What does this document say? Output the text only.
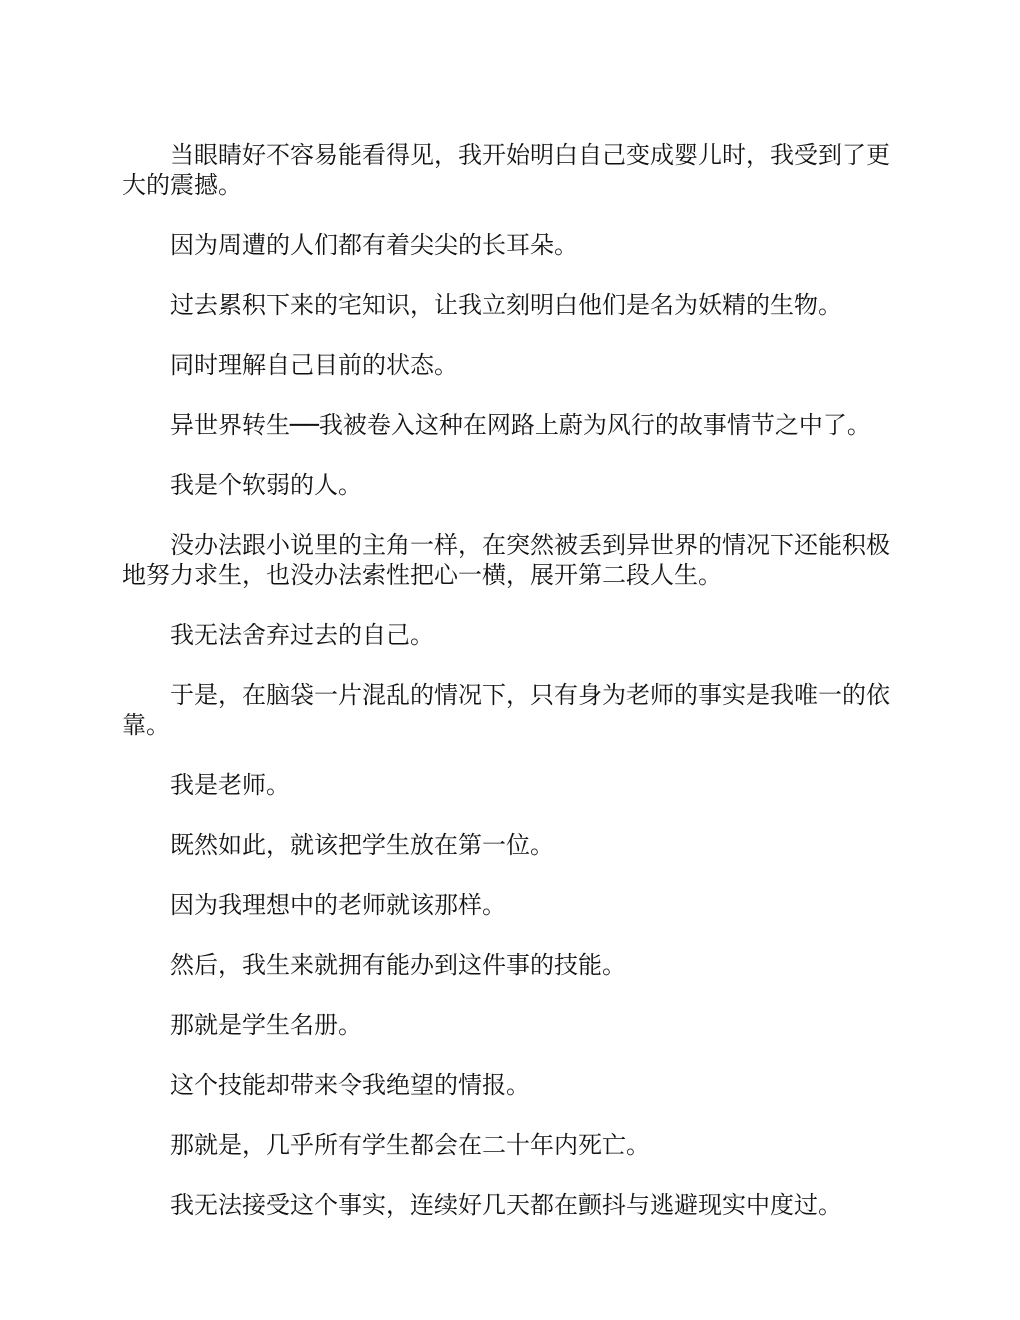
当眼睛好不容易能看得见，我开始明白自己变成婴儿时，我受到了更大的震撼。

因为周遭的人们都有着尖尖的长耳朵。

过去累积下来的宅知识，让我立刻明白他们是名为妖精的生物。

同时理解自己目前的状态。

异世界转生──我被卷入这种在网路上蔚为风行的故事情节之中了。

我是个软弱的人。

没办法跟小说里的主角一样，在突然被丢到异世界的情况下还能积极地努力求生，也没办法索性把心一横，展开第二段人生。

我无法舍弃过去的自己。

于是，在脑袋一片混乱的情况下，只有身为老师的事实是我唯一的依靠。

我是老师。

既然如此，就该把学生放在第一位。

因为我理想中的老师就该那样。

然后，我生来就拥有能办到这件事的技能。

那就是学生名册。

这个技能却带来令我绝望的情报。

那就是，几乎所有学生都会在二十年内死亡。

我无法接受这个事实，连续好几天都在颤抖与逃避现实中度过。
